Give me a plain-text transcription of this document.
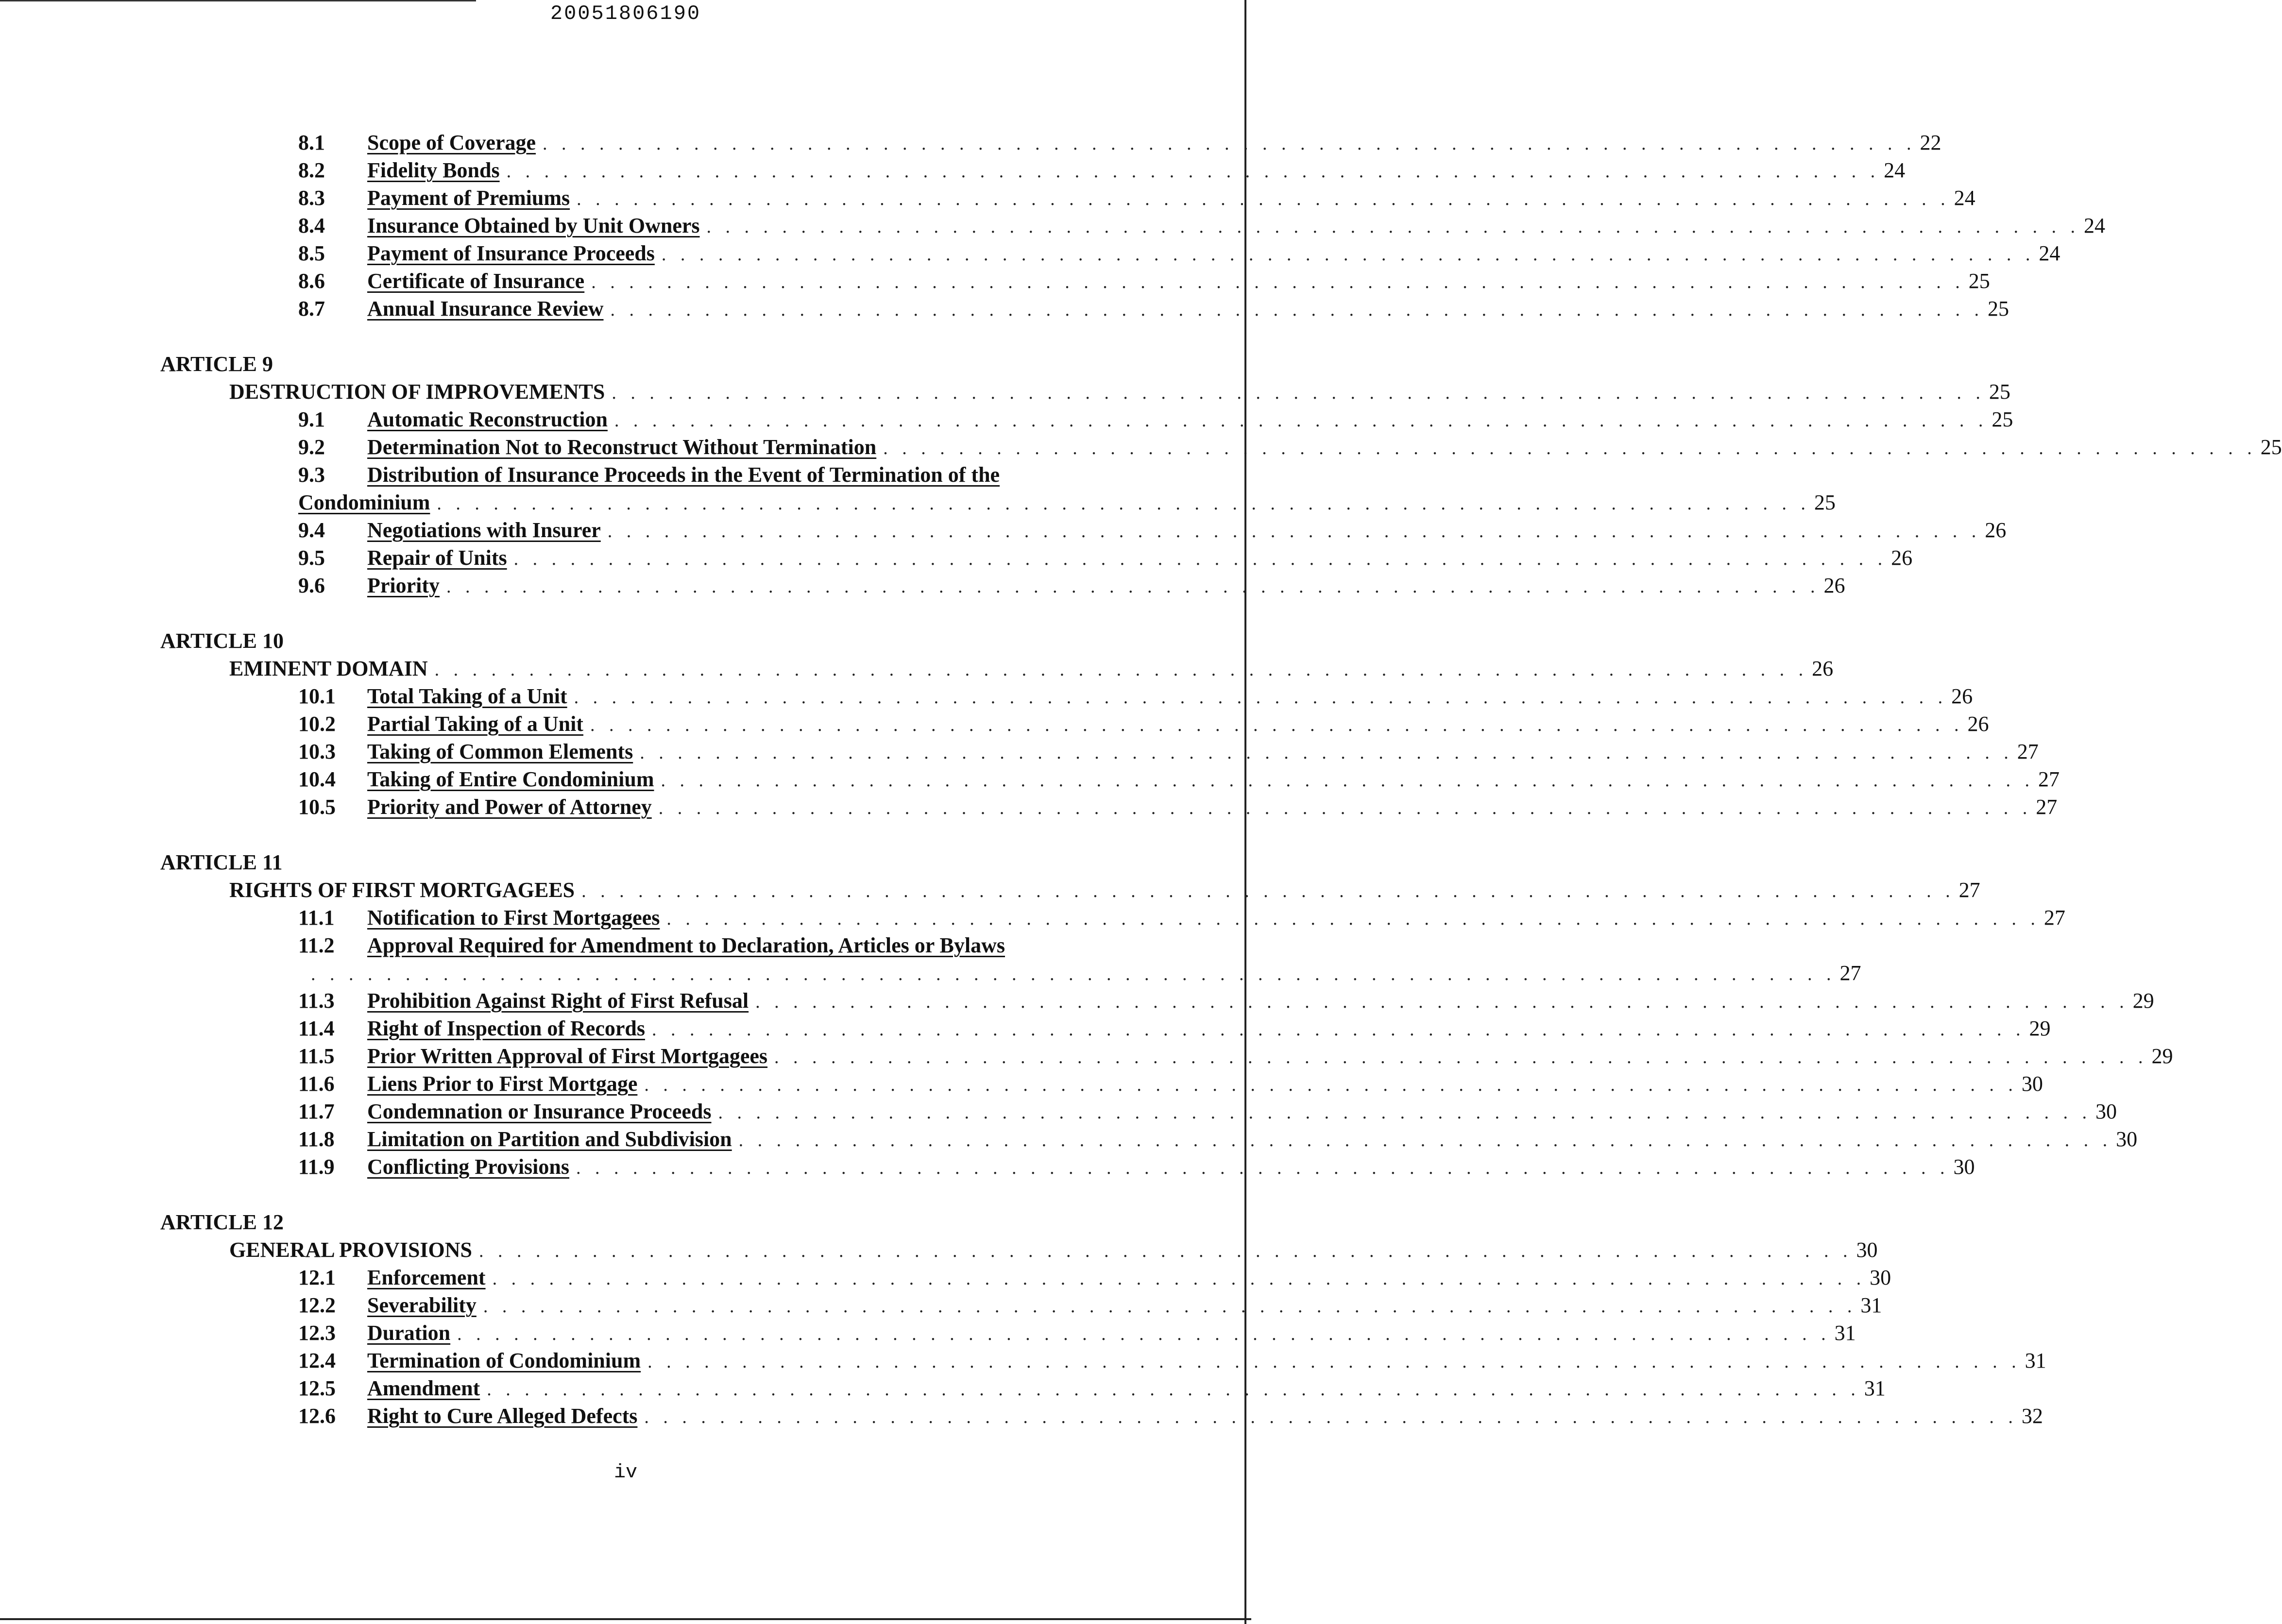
20051806190
8.1	Scope of Coverage . . . . . . . . . . . . . . . . . . . . . . . . . . . . . . . . . . . . . . . . . . . . . . . . . . . . . . . . . . . . . . . . . . . . . . . . . 22
8.2	Fidelity Bonds . . . . . . . . . . . . . . . . . . . . . . . . . . . . . . . . . . . . . . . . . . . . . . . . . . . . . . . . . . . . . . . . . . . . . . . . . 24
8.3	Payment of Premiums . . . . . . . . . . . . . . . . . . . . . . . . . . . . . . . . . . . . . . . . . . . . . . . . . . . . . . . . . . . . . . . . . . . . . . . . . 24
8.4	Insurance Obtained by Unit Owners . . . . . . . . . . . . . . . . . . . . . . . . . . . . . . . . . . . . . . . . . . . . . . . . . . . . . . . . . . . . . . . . . . . . . . . . . 24
8.5	Payment of Insurance Proceeds . . . . . . . . . . . . . . . . . . . . . . . . . . . . . . . . . . . . . . . . . . . . . . . . . . . . . . . . . . . . . . . . . . . . . . . . . 24
8.6	Certificate of Insurance . . . . . . . . . . . . . . . . . . . . . . . . . . . . . . . . . . . . . . . . . . . . . . . . . . . . . . . . . . . . . . . . . . . . . . . . . 25
8.7	Annual Insurance Review . . . . . . . . . . . . . . . . . . . . . . . . . . . . . . . . . . . . . . . . . . . . . . . . . . . . . . . . . . . . . . . . . . . . . . . . . 25
ARTICLE 9
DESTRUCTION OF IMPROVEMENTS . . . . . . . . . . . . . . . . . . . . . . . . . . . . . . . . . . . . . . . . . . . . . . . . . . . . . . . . . . . . . . . . . . . . . . . . . 25
9.1	Automatic Reconstruction . . . . . . . . . . . . . . . . . . . . . . . . . . . . . . . . . . . . . . . . . . . . . . . . . . . . . . . . . . . . . . . . . . . . . . . . . 25
9.2	Determination Not to Reconstruct Without Termination . . . . . . . . . . . . . . . . . . . . . . . . . . . . . . . . . . . . . . . . . . . . . . . . . . . . . . . . . . . . . . . . . . . . . . . . . 25
9.3	Distribution of Insurance Proceeds in the Event of Termination of the
Condominium . . . . . . . . . . . . . . . . . . . . . . . . . . . . . . . . . . . . . . . . . . . . . . . . . . . . . . . . . . . . . . . . . . . . . . . . . 25
9.4	Negotiations with Insurer . . . . . . . . . . . . . . . . . . . . . . . . . . . . . . . . . . . . . . . . . . . . . . . . . . . . . . . . . . . . . . . . . . . . . . . . . 26
9.5	Repair of Units . . . . . . . . . . . . . . . . . . . . . . . . . . . . . . . . . . . . . . . . . . . . . . . . . . . . . . . . . . . . . . . . . . . . . . . . . 26
9.6	Priority . . . . . . . . . . . . . . . . . . . . . . . . . . . . . . . . . . . . . . . . . . . . . . . . . . . . . . . . . . . . . . . . . . . . . . . . . 26
ARTICLE 10
EMINENT DOMAIN . . . . . . . . . . . . . . . . . . . . . . . . . . . . . . . . . . . . . . . . . . . . . . . . . . . . . . . . . . . . . . . . . . . . . . . . . 26
10.1	Total Taking of a Unit . . . . . . . . . . . . . . . . . . . . . . . . . . . . . . . . . . . . . . . . . . . . . . . . . . . . . . . . . . . . . . . . . . . . . . . . . 26
10.2	Partial Taking of a Unit . . . . . . . . . . . . . . . . . . . . . . . . . . . . . . . . . . . . . . . . . . . . . . . . . . . . . . . . . . . . . . . . . . . . . . . . . 26
10.3	Taking of Common Elements . . . . . . . . . . . . . . . . . . . . . . . . . . . . . . . . . . . . . . . . . . . . . . . . . . . . . . . . . . . . . . . . . . . . . . . . . 27
10.4	Taking of Entire Condominium . . . . . . . . . . . . . . . . . . . . . . . . . . . . . . . . . . . . . . . . . . . . . . . . . . . . . . . . . . . . . . . . . . . . . . . . . 27
10.5	Priority and Power of Attorney . . . . . . . . . . . . . . . . . . . . . . . . . . . . . . . . . . . . . . . . . . . . . . . . . . . . . . . . . . . . . . . . . . . . . . . . . 27
ARTICLE 11
RIGHTS OF FIRST MORTGAGEES . . . . . . . . . . . . . . . . . . . . . . . . . . . . . . . . . . . . . . . . . . . . . . . . . . . . . . . . . . . . . . . . . . . . . . . . . 27
11.1	Notification to First Mortgagees . . . . . . . . . . . . . . . . . . . . . . . . . . . . . . . . . . . . . . . . . . . . . . . . . . . . . . . . . . . . . . . . . . . . . . . . . 27
11.2	Approval Required for Amendment to Declaration, Articles or Bylaws
. . . . . . . . . . . . . . . . . . . . . . . . . . . . . . . . . . . . . . . . . . . . . . . . . . . . . . . . . . . . . . . . . . . . . . . . . . . . . . . . . 27
11.3	Prohibition Against Right of First Refusal . . . . . . . . . . . . . . . . . . . . . . . . . . . . . . . . . . . . . . . . . . . . . . . . . . . . . . . . . . . . . . . . . . . . . . . . . 29
11.4	Right of Inspection of Records . . . . . . . . . . . . . . . . . . . . . . . . . . . . . . . . . . . . . . . . . . . . . . . . . . . . . . . . . . . . . . . . . . . . . . . . . 29
11.5	Prior Written Approval of First Mortgagees . . . . . . . . . . . . . . . . . . . . . . . . . . . . . . . . . . . . . . . . . . . . . . . . . . . . . . . . . . . . . . . . . . . . . . . . . 29
11.6	Liens Prior to First Mortgage . . . . . . . . . . . . . . . . . . . . . . . . . . . . . . . . . . . . . . . . . . . . . . . . . . . . . . . . . . . . . . . . . . . . . . . . . 30
11.7	Condemnation or Insurance Proceeds . . . . . . . . . . . . . . . . . . . . . . . . . . . . . . . . . . . . . . . . . . . . . . . . . . . . . . . . . . . . . . . . . . . . . . . . . 30
11.8	Limitation on Partition and Subdivision . . . . . . . . . . . . . . . . . . . . . . . . . . . . . . . . . . . . . . . . . . . . . . . . . . . . . . . . . . . . . . . . . . . . . . . . . 30
11.9	Conflicting Provisions . . . . . . . . . . . . . . . . . . . . . . . . . . . . . . . . . . . . . . . . . . . . . . . . . . . . . . . . . . . . . . . . . . . . . . . . . 30
ARTICLE 12
GENERAL PROVISIONS . . . . . . . . . . . . . . . . . . . . . . . . . . . . . . . . . . . . . . . . . . . . . . . . . . . . . . . . . . . . . . . . . . . . . . . . . 30
12.1	Enforcement . . . . . . . . . . . . . . . . . . . . . . . . . . . . . . . . . . . . . . . . . . . . . . . . . . . . . . . . . . . . . . . . . . . . . . . . . 30
12.2	Severability . . . . . . . . . . . . . . . . . . . . . . . . . . . . . . . . . . . . . . . . . . . . . . . . . . . . . . . . . . . . . . . . . . . . . . . . . 31
12.3	Duration . . . . . . . . . . . . . . . . . . . . . . . . . . . . . . . . . . . . . . . . . . . . . . . . . . . . . . . . . . . . . . . . . . . . . . . . . 31
12.4	Termination of Condominium . . . . . . . . . . . . . . . . . . . . . . . . . . . . . . . . . . . . . . . . . . . . . . . . . . . . . . . . . . . . . . . . . . . . . . . . . 31
12.5	Amendment . . . . . . . . . . . . . . . . . . . . . . . . . . . . . . . . . . . . . . . . . . . . . . . . . . . . . . . . . . . . . . . . . . . . . . . . . 31
12.6	Right to Cure Alleged Defects . . . . . . . . . . . . . . . . . . . . . . . . . . . . . . . . . . . . . . . . . . . . . . . . . . . . . . . . . . . . . . . . . . . . . . . . . 32
iv
